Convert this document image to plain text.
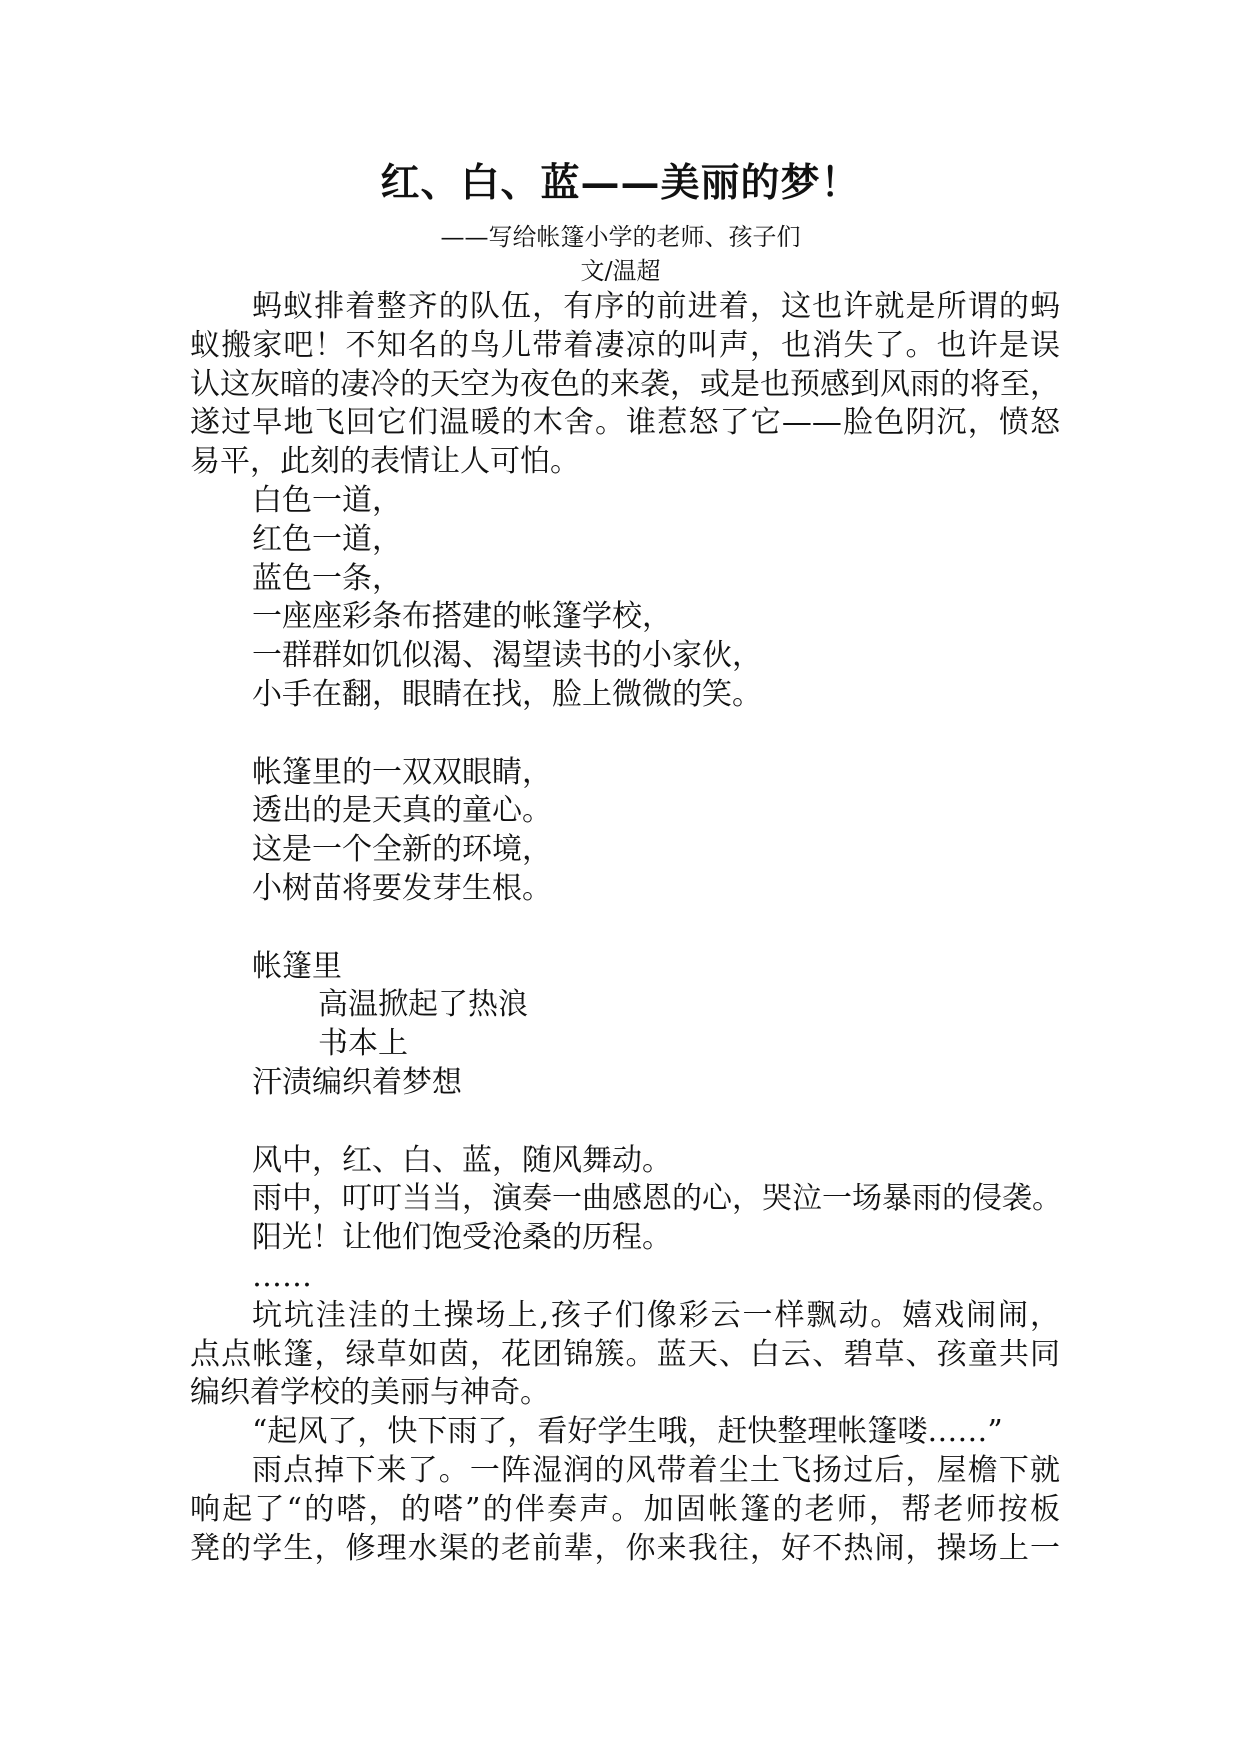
红、白、蓝——美丽的梦！
——写给帐篷小学的老师、孩子们
文/温超
蚂蚁排着整齐的队伍，有序的前进着，这也许就是所谓的蚂
蚁搬家吧！不知名的鸟儿带着凄凉的叫声，也消失了。也许是误
认这灰暗的凄冷的天空为夜色的来袭，或是也预感到风雨的将至，
遂过早地飞回它们温暖的木舍。谁惹怒了它——脸色阴沉，愤怒
易平，此刻的表情让人可怕。
白色一道，
红色一道，
蓝色一条，
一座座彩条布搭建的帐篷学校，
一群群如饥似渴、渴望读书的小家伙，
小手在翻，眼睛在找，脸上微微的笑。
帐篷里的一双双眼睛，
透出的是天真的童心。
这是一个全新的环境，
小树苗将要发芽生根。
帐篷里
高温掀起了热浪
书本上
汗渍编织着梦想
风中，红、白、蓝，随风舞动。
雨中，叮叮当当，演奏一曲感恩的心，哭泣一场暴雨的侵袭。
阳光！让他们饱受沧桑的历程。
……
坑坑洼洼的土操场上,孩子们像彩云一样飘动。嬉戏闹闹，
点点帐篷，绿草如茵，花团锦簇。蓝天、白云、碧草、孩童共同
编织着学校的美丽与神奇。
“起风了，快下雨了，看好学生哦，赶快整理帐篷喽……”
雨点掉下来了。一阵湿润的风带着尘土飞扬过后，屋檐下就
响起了“的嗒，的嗒”的伴奏声。加固帐篷的老师，帮老师按板
凳的学生，修理水渠的老前辈，你来我往，好不热闹，操场上一
